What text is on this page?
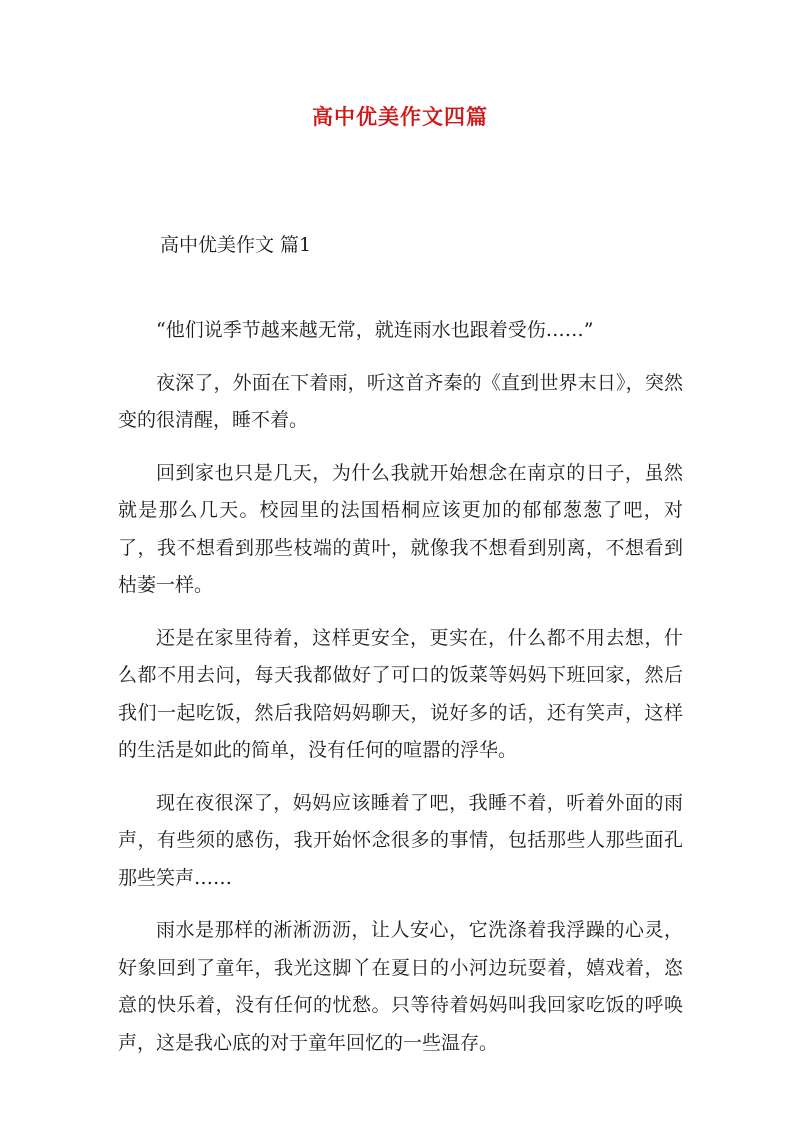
高中优美作文四篇
高中优美作文 篇1

“他们说季节越来越无常，就连雨水也跟着受伤……”

夜深了，外面在下着雨，听这首齐秦的《直到世界末日》，突然变的很清醒，睡不着。

回到家也只是几天，为什么我就开始想念在南京的日子，虽然就是那么几天。校园里的法国梧桐应该更加的郁郁葱葱了吧，对了，我不想看到那些枝端的黄叶，就像我不想看到别离，不想看到枯萎一样。

还是在家里待着，这样更安全，更实在，什么都不用去想，什么都不用去问，每天我都做好了可口的饭菜等妈妈下班回家，然后我们一起吃饭，然后我陪妈妈聊天，说好多的话，还有笑声，这样的生活是如此的简单，没有任何的喧嚣的浮华。

现在夜很深了，妈妈应该睡着了吧，我睡不着，听着外面的雨声，有些须的感伤，我开始怀念很多的事情，包括那些人那些面孔那些笑声……

雨水是那样的淅淅沥沥，让人安心，它洗涤着我浮躁的心灵，好象回到了童年，我光这脚丫在夏日的小河边玩耍着，嬉戏着，恣意的快乐着，没有任何的忧愁。只等待着妈妈叫我回家吃饭的呼唤声，这是我心底的对于童年回忆的一些温存。
